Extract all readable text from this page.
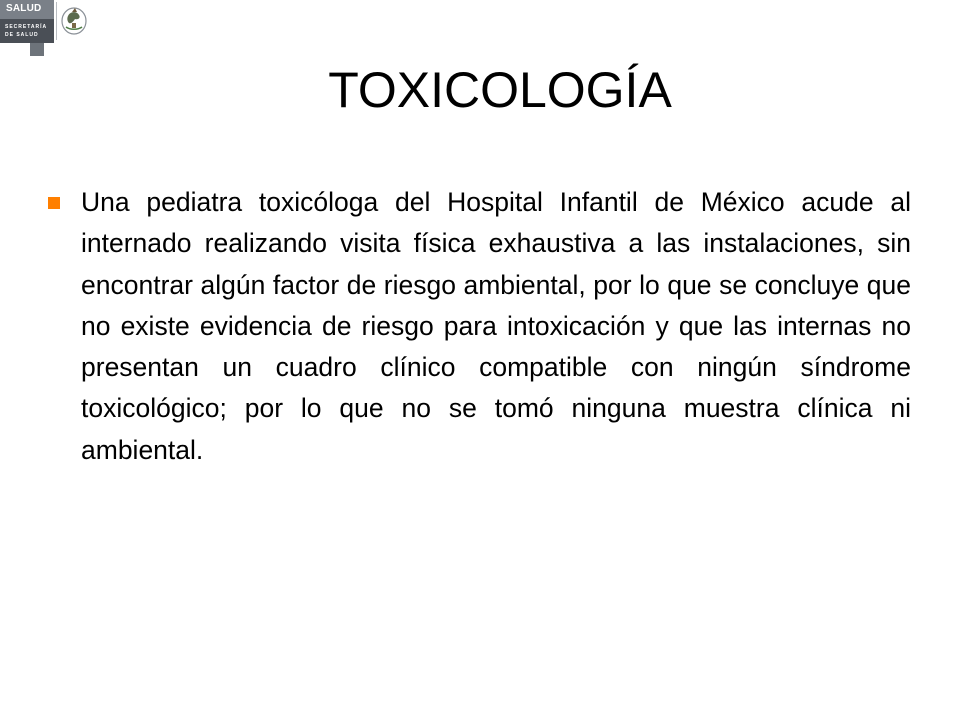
SALUD
SECRETARÍA
DE SALUD
TOXICOLOGÍA
Una pediatra toxicóloga del Hospital Infantil de México acude al internado realizando visita física exhaustiva a las instalaciones, sin encontrar algún factor de riesgo ambiental, por lo que se concluye que no existe evidencia de riesgo para intoxicación y que las internas no presentan un cuadro clínico compatible con ningún síndrome toxicológico; por lo que no se tomó ninguna muestra clínica ni ambiental.
